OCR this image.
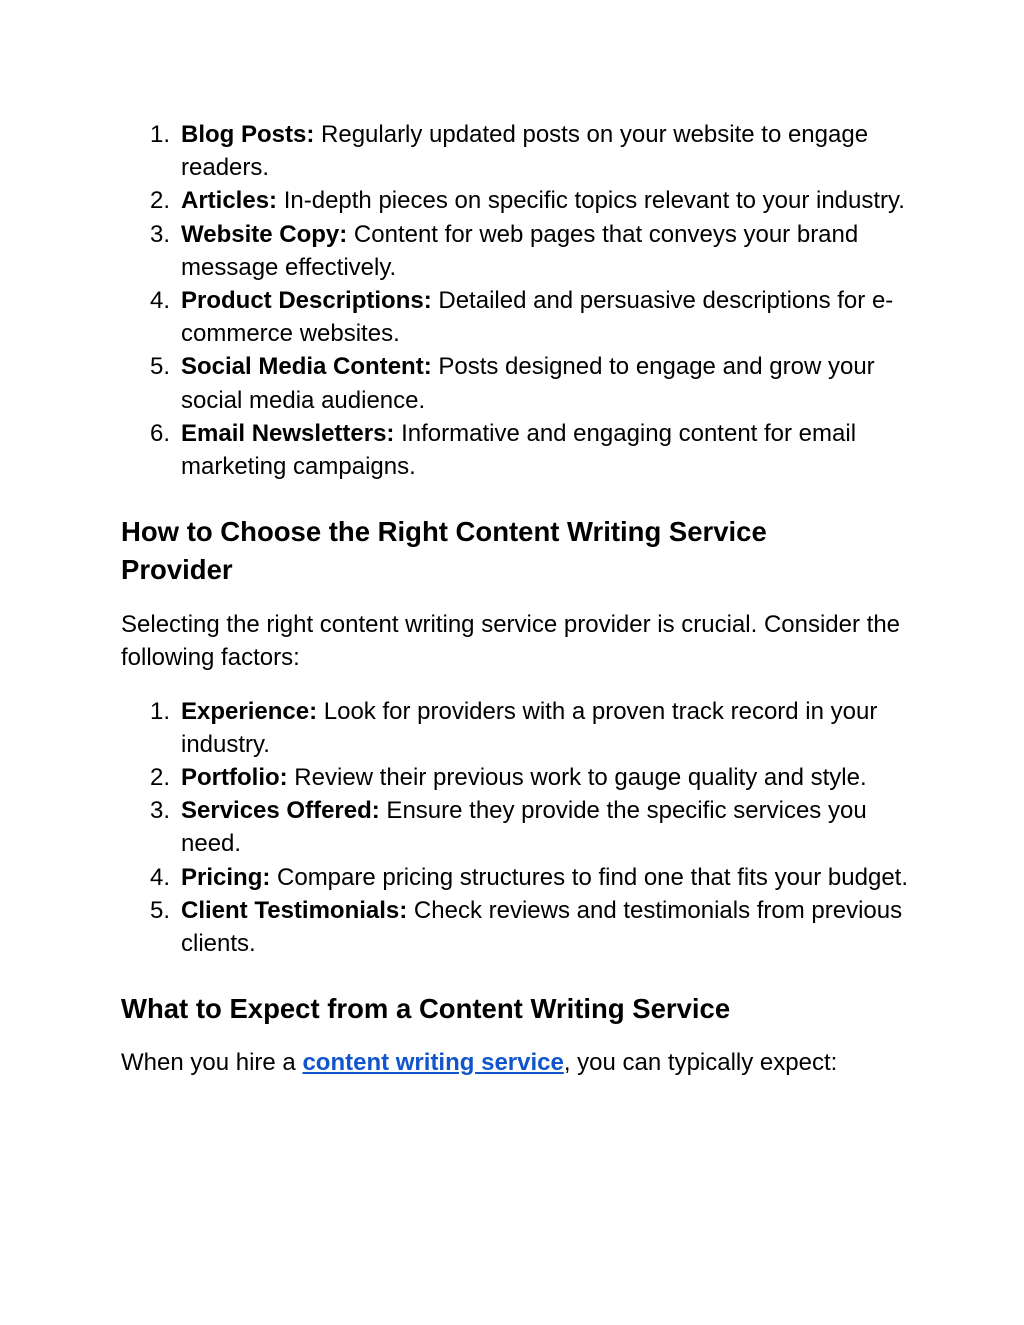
1. Blog Posts: Regularly updated posts on your website to engage readers.
2. Articles: In-depth pieces on specific topics relevant to your industry.
3. Website Copy: Content for web pages that conveys your brand message effectively.
4. Product Descriptions: Detailed and persuasive descriptions for e-commerce websites.
5. Social Media Content: Posts designed to engage and grow your social media audience.
6. Email Newsletters: Informative and engaging content for email marketing campaigns.
How to Choose the Right Content Writing Service Provider

Selecting the right content writing service provider is crucial. Consider the following factors:

1. Experience: Look for providers with a proven track record in your industry.
2. Portfolio: Review their previous work to gauge quality and style.
3. Services Offered: Ensure they provide the specific services you need.
4. Pricing: Compare pricing structures to find one that fits your budget.
5. Client Testimonials: Check reviews and testimonials from previous clients.
What to Expect from a Content Writing Service

When you hire a content writing service, you can typically expect:
